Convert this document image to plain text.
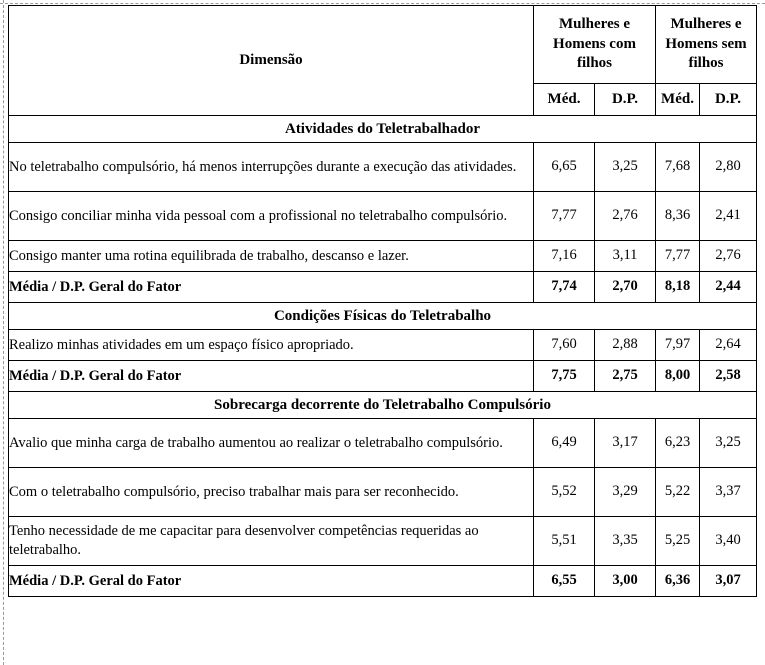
Dimensão	Mulheres e Homens com filhos		Mulheres e Homens sem filhos	
	Méd.	D.P.	Méd.	D.P.
Atividades do Teletrabalhador				
No teletrabalho compulsório, há menos interrupções durante a execução das atividades.	6,65	3,25	7,68	2,80
Consigo conciliar minha vida pessoal com a profissional no teletrabalho compulsório.	7,77	2,76	8,36	2,41
Consigo manter uma rotina equilibrada de trabalho, descanso e lazer.	7,16	3,11	7,77	2,76
Média / D.P. Geral do Fator	7,74	2,70	8,18	2,44
Condições Físicas do Teletrabalho				
Realizo minhas atividades em um espaço físico apropriado.	7,60	2,88	7,97	2,64
Média / D.P. Geral do Fator	7,75	2,75	8,00	2,58
Sobrecarga decorrente do Teletrabalho Compulsório				
Avalio que minha carga de trabalho aumentou ao realizar o teletrabalho compulsório.	6,49	3,17	6,23	3,25
Com o teletrabalho compulsório, preciso trabalhar mais para ser reconhecido.	5,52	3,29	5,22	3,37
Tenho necessidade de me capacitar para desenvolver competências requeridas ao teletrabalho.	5,51	3,35	5,25	3,40
Média / D.P. Geral do Fator	6,55	3,00	6,36	3,07
